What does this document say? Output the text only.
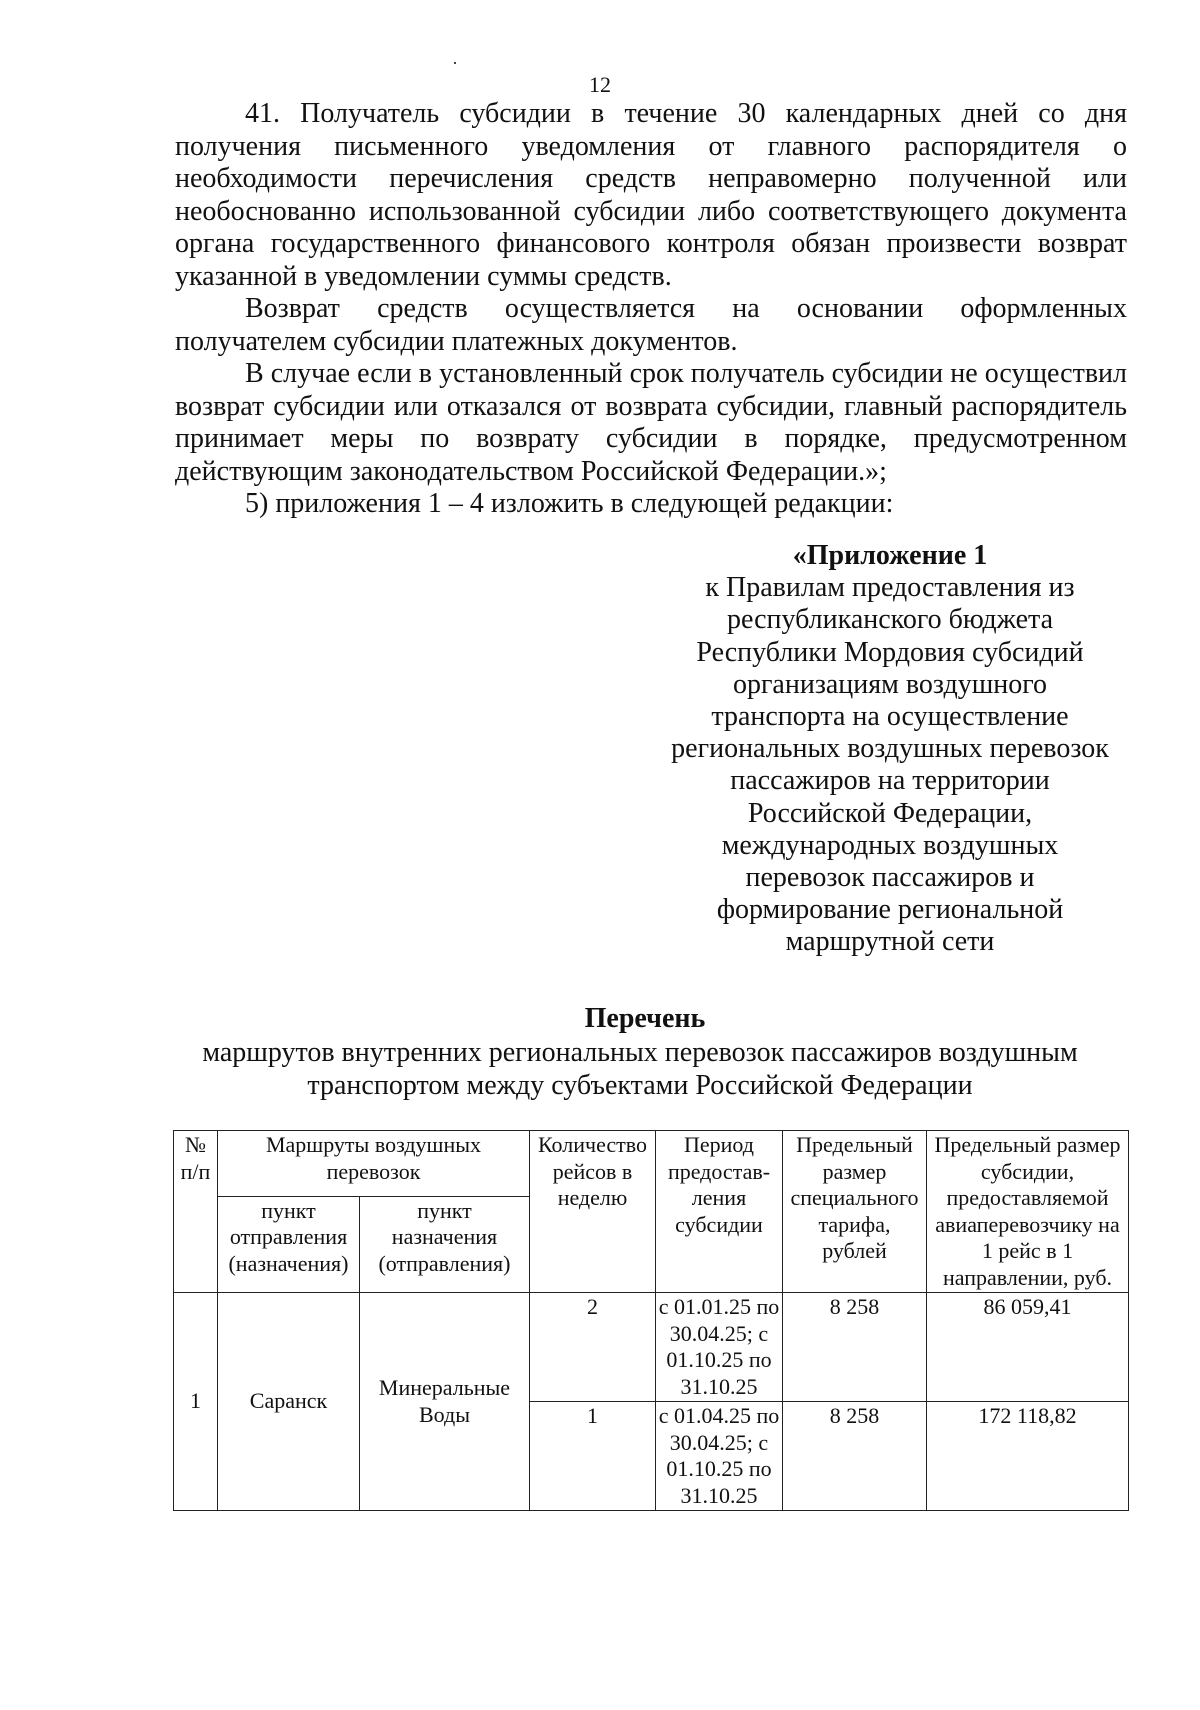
12

41. Получатель субсидии в течение 30 календарных дней со дня получения письменного уведомления от главного распорядителя о необходимости перечисления средств неправомерно полученной или необоснованно использованной субсидии либо соответствующего документа органа государственного финансового контроля обязан произвести возврат указанной в уведомлении суммы средств.

Возврат средств осуществляется на основании оформленных получателем субсидии платежных документов.

В случае если в установленный срок получатель субсидии не осуществил возврат субсидии или отказался от возврата субсидии, главный распорядитель принимает меры по возврату субсидии в порядке, предусмотренном действующим законодательством Российской Федерации.»;

5) приложения 1 – 4 изложить в следующей редакции:

«Приложение 1
к Правилам предоставления из
республиканского бюджета
Республики Мордовия субсидий
организациям воздушного
транспорта на осуществление
региональных воздушных перевозок
пассажиров на территории
Российской Федерации,
международных воздушных
перевозок пассажиров и
формирование региональной
маршрутной сети
Перечень
маршрутов внутренних региональных перевозок пассажиров воздушным транспортом между субъектами Российской Федерации
№ п/п	Маршруты воздушных перевозок		Количество рейсов в неделю	Период предостав-ления субсидии	Предельный размер специального тарифа, рублей	Предельный размер субсидии, предоставляемой авиаперевозчику на 1 рейс в 1 направлении, руб.
	пункт отправления (назначения)	пункт назначения (отправления)				
1	Саранск	Минеральные Воды	2	с 01.01.25 по 30.04.25; с 01.10.25 по 31.10.25	8 258	86 059,41
			1	с 01.04.25 по 30.04.25; с 01.10.25 по 31.10.25	8 258	172 118,82
